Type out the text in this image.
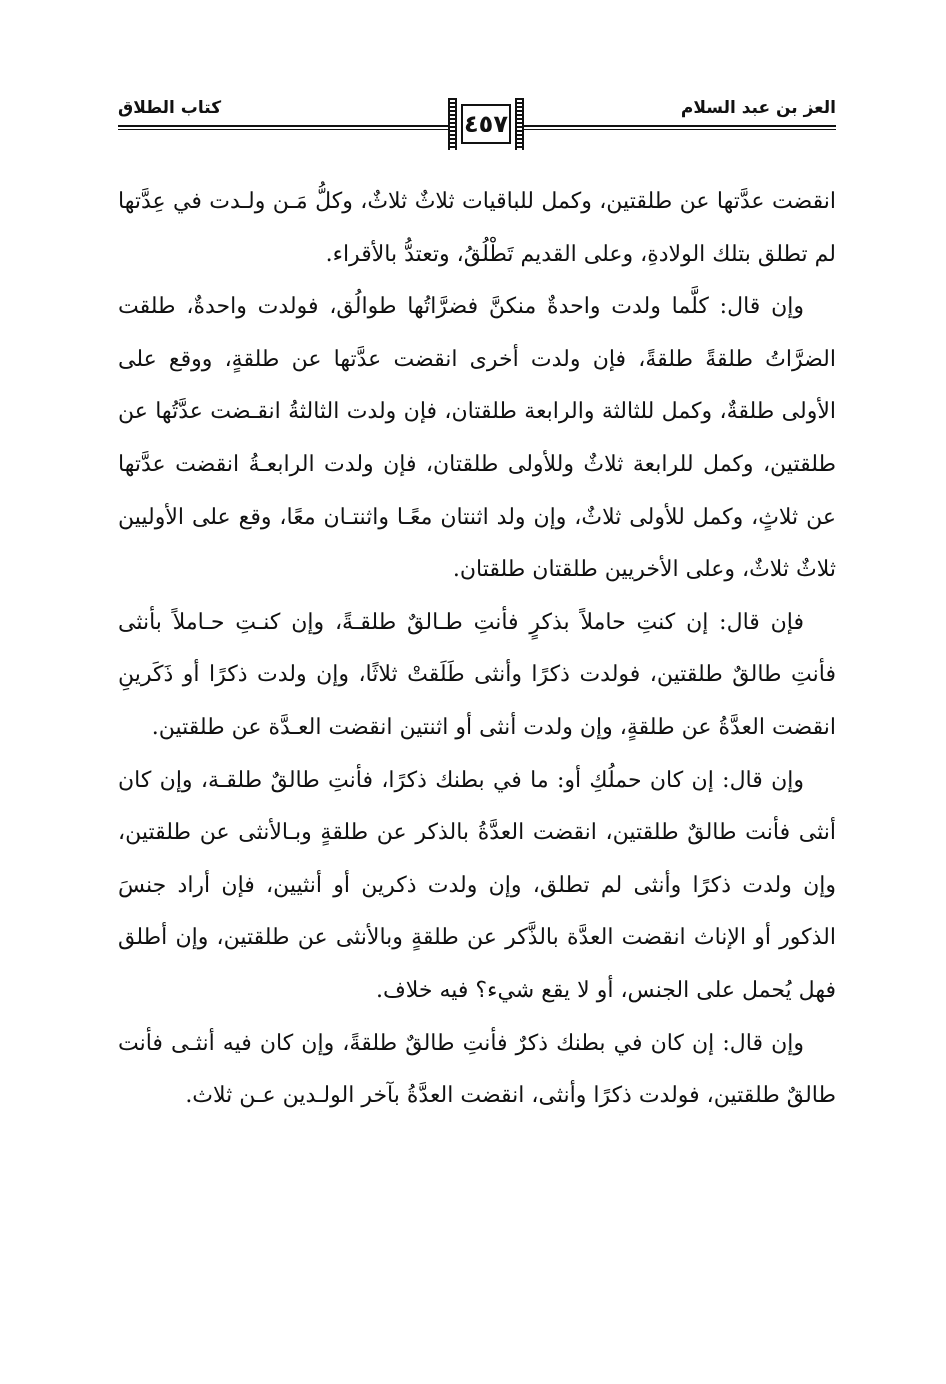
العز بن عبد السلام
كتاب الطلاق
٤٥٧

انقضت عدَّتها عن طلقتين، وكمل للباقيات ثلاثٌ ثلاثٌ، وكلُّ مَـن ولـدت في عِدَّتها لم تطلق بتلك الولادةِ، وعلى القديم تَطْلُقُ، وتعتدُّ بالأقراء.

وإن قال: كلَّما ولدت واحدةٌ منكنَّ فضرَّاتُها طوالُق، فولدت واحدةٌ، طلقت الضرَّاتُ طلقةً طلقةً، فإن ولدت أخرى انقضت عدَّتها عن طلقةٍ، ووقع على الأولى طلقةٌ، وكمل للثالثة والرابعة طلقتان، فإن ولدت الثالثةُ انقـضت عدَّتُها عن طلقتين، وكمل للرابعة ثلاثٌ وللأولى طلقتان، فإن ولدت الرابعـةُ انقضت عدَّتها عن ثلاثٍ، وكمل للأولى ثلاثٌ، وإن ولد اثنتان معًـا واثنتـان معًا، وقع على الأوليين ثلاثٌ ثلاثٌ، وعلى الأخريين طلقتان طلقتان.

فإن قال: إن كنتِ حاملاً بذكرٍ فأنتِ طـالقٌ طلقـةً، وإن كنـتِ حـاملاً بأنثى فأنتِ طالقٌ طلقتين، فولدت ذكرًا وأنثى طَلَقتْ ثلاثًا، وإن ولدت ذكرًا أو ذَكَرينِ انقضت العدَّةُ عن طلقةٍ، وإن ولدت أنثى أو اثنتين انقضت العـدَّة عن طلقتين.

وإن قال: إن كان حملُكِ أو: ما في بطنك ذكرًا، فأنتِ طالقٌ طلقـة، وإن كان أنثى فأنت طالقٌ طلقتين، انقضت العدَّةُ بالذكر عن طلقةٍ وبـالأنثى عن طلقتين، وإن ولدت ذكرًا وأنثى لم تطلق، وإن ولدت ذكرين أو أنثيين، فإن أراد جنسَ الذكور أو الإناث انقضت العدَّة بالذَّكر عن طلقةٍ وبالأنثى عن طلقتين، وإن أطلق فهل يُحمل على الجنس، أو لا يقع شيء؟ فيه خلاف.

وإن قال: إن كان في بطنك ذكرٌ فأنتِ طالقٌ طلقةً، وإن كان فيه أنثـى فأنت طالقٌ طلقتين، فولدت ذكرًا وأنثى، انقضت العدَّةُ بآخر الولـدين عـن ثلاث.
